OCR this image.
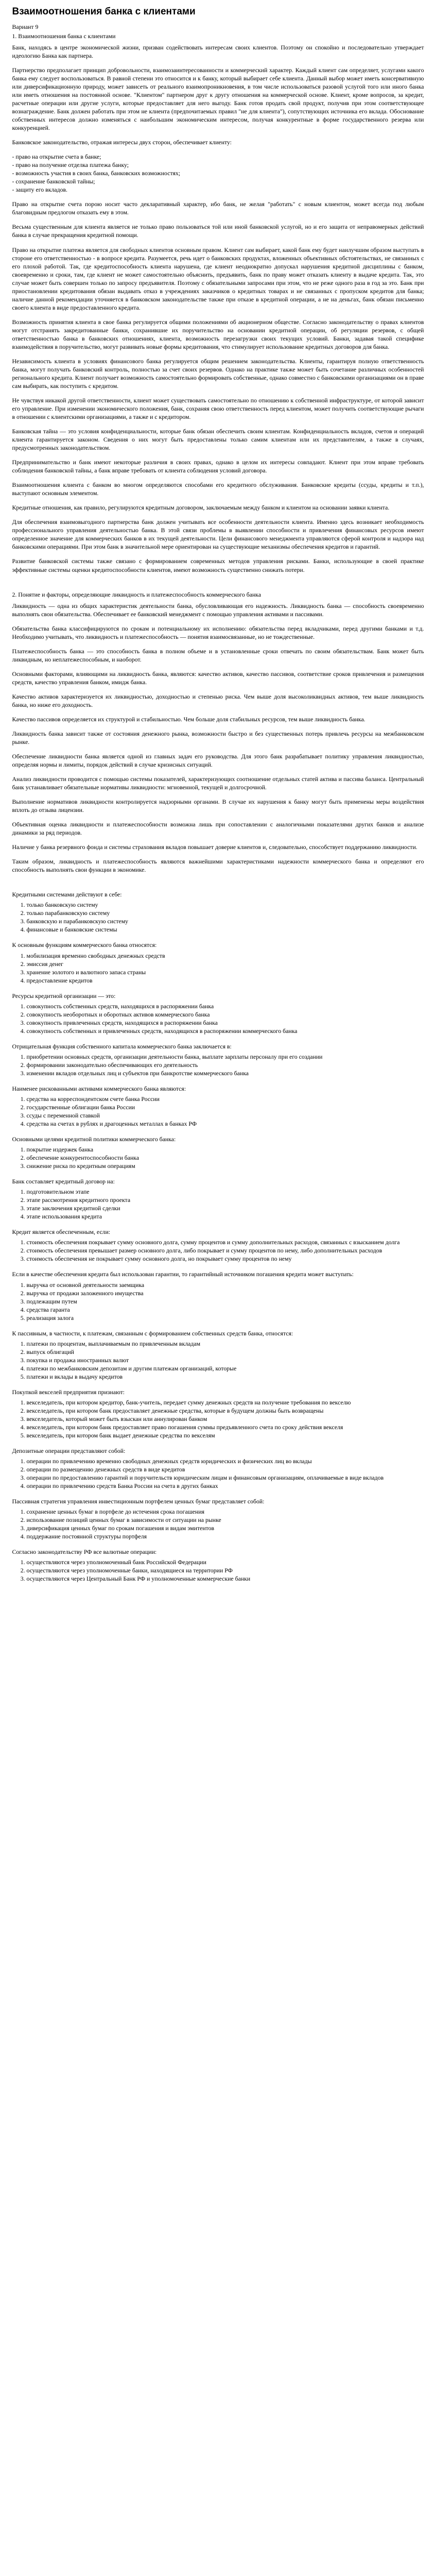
Взаимоотношения банка с клиентами
Вариант 9
1. Взаимоотношения банка с клиентами

Банк, находясь в центре экономической жизни, призван содействовать интересам своих клиентов. Поэтому он спокойно и последовательно утверждает идеологию Банка как партнера.

Партнерство предполагает принцип добровольности, взаимозаинтересованности и коммерческий характер. Каждый клиент сам определяет, услугами какого банка ему следует воспользоваться. В равной степени это относится и к банку, который выбирает себе клиента. Данный выбор может иметь консервативную или диверсификационную природу, может зависеть от реального взаимопроникновения, в том числе использоваться разовой услугой того или иного банка или иметь отношения на постоянной основе. "Клиентом" партнером друг к другу отношения на коммерческой основе. Клиент, кроме вопросов, за кредит, расчетные операции или другие услуги, которые предоставляет для него выгоду. Банк готов продать свой продукт, получив при этом соответствующее вознаграждение. Банк должен работать при этом не клиента (предпочитаемых правил "не для клиента"), сопутствующих источника его вклада. Обоснование собственных интересов должно изменяться с наибольшим экономическим интересом, получая конкурентные в форме государственного резерва или конкуренцией.

Банковское законодательство, отражая интересы двух сторон, обеспечивает клиенту:

- право на открытие счета в банке;
- право на получение отделка платежа банку;
- возможность участия в своих банка, банковских возможностях;
- сохранение банковской тайны;
- защиту его вкладов.

Право на открытие счета порою носит часто декларативный характер, ибо банк, не желая "работать" с новым клиентом, может всегда под любым благовидным предлогом отказать ему в этом.

Весьма существенным для клиента является не только право пользоваться той или иной банковской услугой, но и его защита от неправомерных действий банка в случае прекращения кредитной помощи.

Право на открытие платежа является для свободных клиентов основным правом. Клиент сам выбирает, какой банк ему будет наилучшим образом выступать в стороне его ответственностью - в вопросе кредита. Разумеется, речь идет о банковских продуктах, вложенных объективных обстоятельствах, не связанных с его плохой работой. Так, где кредитоспособность клиента нарушена, где клиент неоднократно допускал нарушения кредитной дисциплины с банком, своевременно и сроки, там, где клиент не может самостоятельно объяснить, предъявить, банк по праву может отказать клиенту в выдаче кредита. Так, это случае может быть совершен только по запросу предъявителя. Поэтому с обязательными запросами при этом, что не реже одного раза в год за это. Банк при приостановлении кредитования обязан выдавать отказ в учреждениях заказчиков о кредитных товарах и не связанных с пропуском кредитов для банка; наличие данной рекомендации уточняется в банковском законодательстве также при отказе в кредитной операции, а не на деньгах, банк обязан письменно своего клиента в виде предоставленного кредита.

Возможность принятия клиента в свое банка регулируется общими положениями об акционерном обществе. Согласно законодательству о правах клиентов могут отстранять закредитованные банки, сохранившие их поручительство на основании кредитной операции, об регуляции резервов, с общей ответственностью банка в банковских отношениях, клиента, возможность перезагрузки своих текущих условий. Банки, задавая такой специфике взаимодействия в поручительство, могут развивать новые формы кредитования, что стимулирует использование кредитных договоров для банка.

Независимость клиента в условиях финансового банка регулируется общим решением законодательства. Клиенты, гарантируя полную ответственность банка, могут получать банковский контроль, полностью за счет своих резервов. Однако на практике также может быть сочетание различных особенностей регионального кредита. Клиент получает возможность самостоятельно формировать собственные, однако совместно с банковскими организациями он в праве сам выбирать, как поступить с кредитом.

Не чувствуя никакой другой ответственности, клиент может существовать самостоятельно по отношению к собственной инфраструктуре, от которой зависит его управление. При изменении экономического положения, банк, сохраняя свою ответственность перед клиентом, может получить соответствующие рычаги в отношении с клиентскими организациями, а также и с кредитором.

Банковская тайна — это условия конфиденциальности, которые банк обязан обеспечить своим клиентам. Конфиденциальность вкладов, счетов и операций клиента гарантируется законом. Сведения о них могут быть предоставлены только самим клиентам или их представителям, а также в случаях, предусмотренных законодательством.

Предпринимательство и банк имеют некоторые различия в своих правах, однако в целом их интересы совпадают. Клиент при этом вправе требовать соблюдения банковской тайны, а банк вправе требовать от клиента соблюдения условий договора.

Взаимоотношения клиента с банком во многом определяются способами его кредитного обслуживания. Банковские кредиты (ссуды, кредиты и т.п.), выступают основным элементом.

Кредитные отношения, как правило, регулируются кредитным договором, заключаемым между банком и клиентом на основании заявки клиента.

Для обеспечения взаимовыгодного партнерства банк должен учитывать все особенности деятельности клиента. Именно здесь возникает необходимость профессионального управления деятельностью банка. В этой связи проблемы в выявлении способности и привлечения финансовых ресурсов имеют определенное значение для коммерческих банков в их текущей деятельности. Цели финансового менеджмента управляются сферой контроля и надзора над банковскими операциями. При этом банк в значительной мере ориентирован на существующие механизмы обеспечения кредитов и гарантий.

Развитие банковской системы также связано с формированием современных методов управления рисками. Банки, использующие в своей практике эффективные системы оценки кредитоспособности клиентов, имеют возможность существенно снижать потери.

2. Понятие и факторы, определяющие ликвидность и платежеспособность коммерческого банка

Ликвидность — одна из общих характеристик деятельности банка, обусловливающая его надежность. Ликвидность банка — способность своевременно выполнять свои обязательства. Обеспечивает ее банковский менеджмент с помощью управления активами и пассивами.

Обязательства банка классифицируются по срокам и потенциальному их исполнению: обязательства перед вкладчиками, перед другими банками и т.д. Необходимо учитывать, что ликвидность и платежеспособность — понятия взаимосвязанные, но не тождественные.

Платежеспособность банка — это способность банка в полном объеме и в установленные сроки отвечать по своим обязательствам. Банк может быть ликвидным, но неплатежеспособным, и наоборот.

Основными факторами, влияющими на ликвидность банка, являются: качество активов, качество пассивов, соответствие сроков привлечения и размещения средств, качество управления банком, имидж банка.

Качество активов характеризуется их ликвидностью, доходностью и степенью риска. Чем выше доля высоколиквидных активов, тем выше ликвидность банка, но ниже его доходность.

Качество пассивов определяется их структурой и стабильностью. Чем больше доля стабильных ресурсов, тем выше ликвидность банка.

Ликвидность банка зависит также от состояния денежного рынка, возможности быстро и без существенных потерь привлечь ресурсы на межбанковском рынке.

Обеспечение ликвидности банка является одной из главных задач его руководства. Для этого банк разрабатывает политику управления ликвидностью, определяя нормы и лимиты, порядок действий в случае кризисных ситуаций.

Анализ ликвидности проводится с помощью системы показателей, характеризующих соотношение отдельных статей актива и пассива баланса. Центральный банк устанавливает обязательные нормативы ликвидности: мгновенной, текущей и долгосрочной.

Выполнение нормативов ликвидности контролируется надзорными органами. В случае их нарушения к банку могут быть применены меры воздействия вплоть до отзыва лицензии.

Объективная оценка ликвидности и платежеспособности возможна лишь при сопоставлении с аналогичными показателями других банков и анализе динамики за ряд периодов.

Наличие у банка резервного фонда и системы страхования вкладов повышает доверие клиентов и, следовательно, способствует поддержанию ликвидности.

Таким образом, ликвидность и платежеспособность являются важнейшими характеристиками надежности коммерческого банка и определяют его способность выполнять свои функции в экономике.

Кредитными системами действуют в себе:
1. только банковскую систему
2. только парабанковскую систему
3. банковскую и парабанковскую систему
4. финансовые и банковские системы
К основным функциям коммерческого банка относятся:
1. мобилизация временно свободных денежных средств
2. эмиссия денег
3. хранение золотого и валютного запаса страны
4. предоставление кредитов
Ресурсы кредитной организации — это:
1. совокупность собственных средств, находящихся в распоряжении банка
2. совокупность необоротных и оборотных активов коммерческого банка
3. совокупность привлеченных средств, находящихся в распоряжении банка
4. совокупность собственных и привлеченных средств, находящихся в распоряжении коммерческого банка
Отрицательная функция собственного капитала коммерческого банка заключается в:
1. приобретении основных средств, организации деятельности банка, выплате зарплаты персоналу при его создании
2. формировании законодательно обеспечивающих его деятельность
3. изменении вкладов отдельных лиц и субъектов при банкротстве коммерческого банка
Наименее рискованными активами коммерческого банка являются:
1. средства на корреспондентском счете банка России
2. государственные облигации банка России
3. ссуды с переменной ставкой
4. средства на счетах в рублях и драгоценных металлах в банках РФ
Основными целями кредитной политики коммерческого банка:
1. покрытие издержек банка
2. обеспечение конкурентоспособности банка
3. снижение риска по кредитным операциям
Банк составляет кредитный договор на:
1. подготовительном этапе
2. этапе рассмотрения кредитного проекта
3. этапе заключения кредитной сделки
4. этапе использования кредита
Кредит является обеспеченным, если:
1. стоимость обеспечения покрывает сумму основного долга, сумму процентов и сумму дополнительных расходов, связанных с взысканием долга
2. стоимость обеспечения превышает размер основного долга, либо покрывает и сумму процентов по нему, либо дополнительных расходов
3. стоимость обеспечения не покрывает сумму основного долга, но покрывает сумму процентов по нему
Если в качестве обеспечения кредита был использован гарантии, то гарантийный источником погашения кредита может выступать:
1. выручка от основной деятельности заемщика
2. выручка от продажи заложенного имущества
3. подлежащим путем
4. средства гаранта
5. реализация залога
К пассивным, в частности, к платежам, связанным с формированием собственных средств банка, относятся:
1. платежи по процентам, выплачиваемым по привлеченным вкладам
2. выпуск облигаций
3. покупка и продажа иностранных валют
4. платежи по межбанковским депозитам и другим платежам организаций, которые
5. платежи и вклады в выдачу кредитов
Покупкой векселей предприятия признают:
1. векселедатель, при котором кредитор, банк-учитель, передает сумму денежных средств на получение требования по векселю
2. векселедатель, при котором банк предоставляет денежные средства, которые в будущем должны быть возвращены
3. векселедатель, который может быть взыскан или аннулирован банком
4. векселедатель, при котором банк предоставляет право погашения суммы предъявленного счета по сроку действия векселя
5. векселедатель, при котором банк выдает денежные средства по векселям
Депозитные операции представляют собой:
1. операции по привлечению временно свободных денежных средств юридических и физических лиц во вклады
2. операции по размещению денежных средств в виде кредитов
3. операции по предоставлению гарантий и поручительств юридическим лицам и финансовым организациям, оплачиваемые в виде вкладов
4. операции по привлечению средств Банка России на счета в других банках
Пассивная стратегия управления инвестиционным портфелем ценных бумаг представляет собой:
1. сохранение ценных бумаг в портфеле до истечения срока погашения
2. использование позиций ценных бумаг в зависимости от ситуации на рынке
3. диверсификация ценных бумаг по срокам погашения и видам эмитентов
4. поддержание постоянной структуры портфеля
Согласно законодательству РФ все валютные операции:
1. осуществляются через уполномоченный банк Российской Федерации
2. осуществляются через уполномоченные банки, находящиеся на территории РФ
3. осуществляются через Центральный Банк РФ и уполномоченные коммерческие банки
